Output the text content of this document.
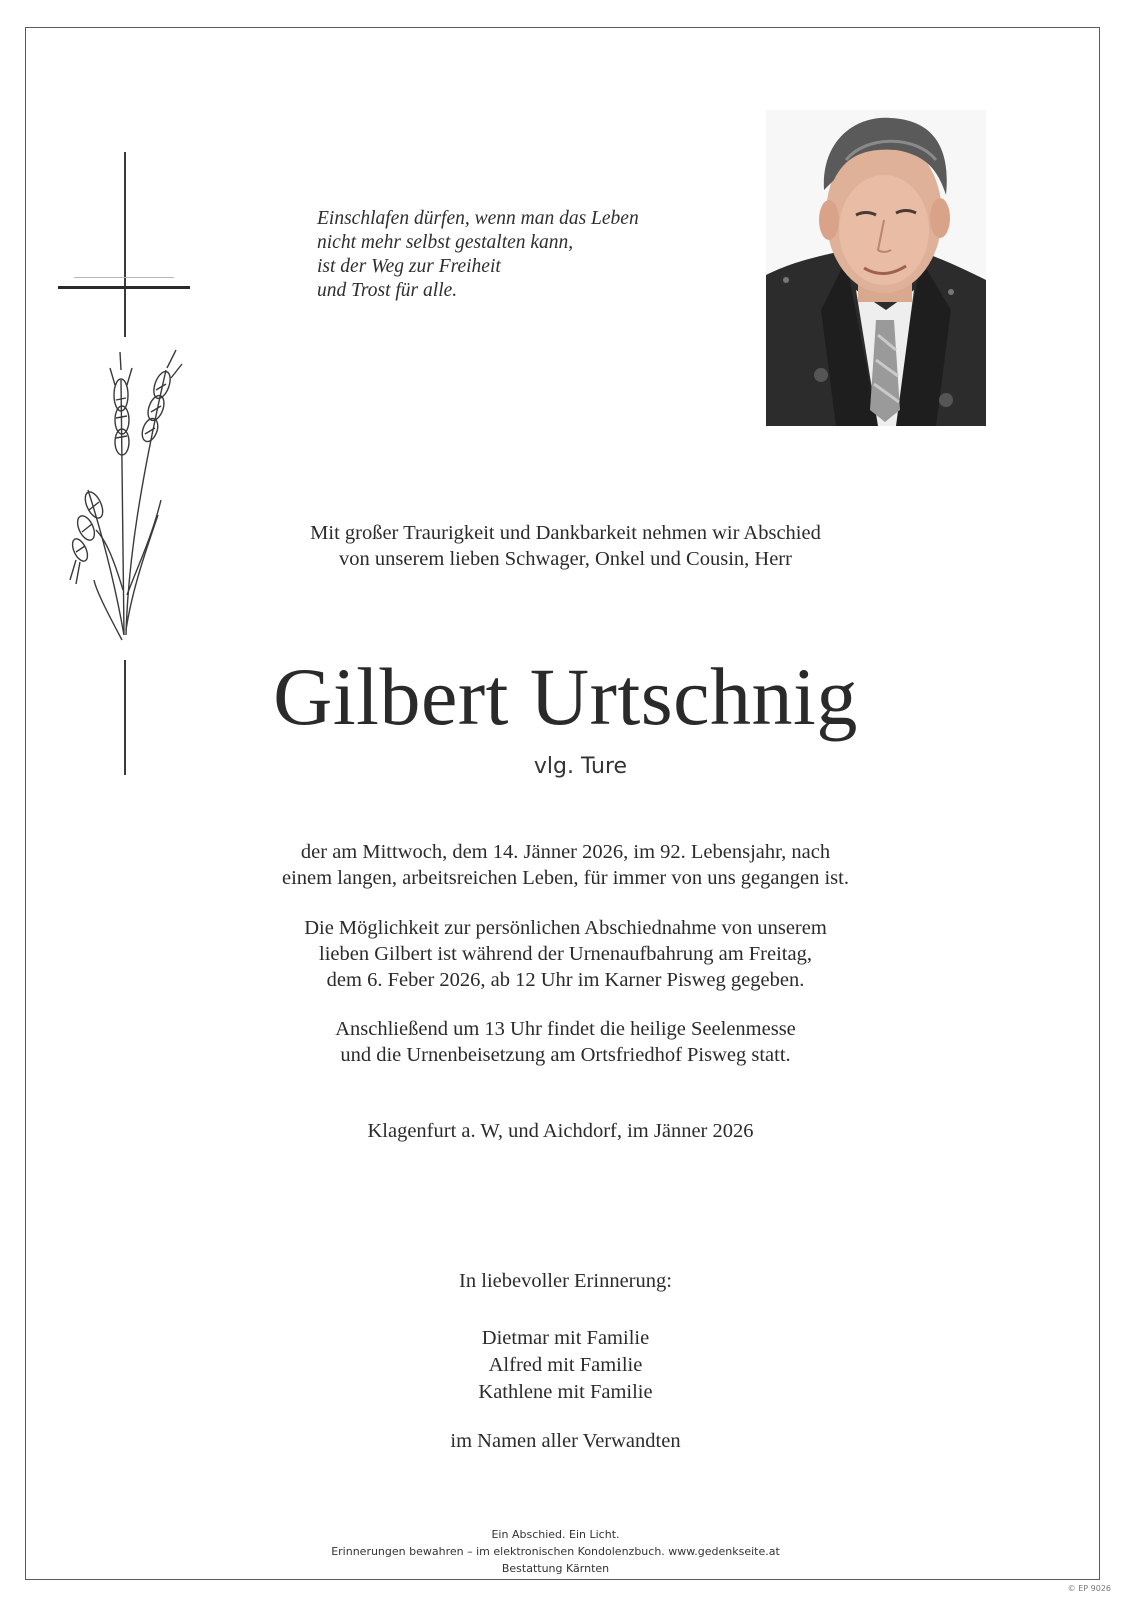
Einschlafen dürfen, wenn man das Leben
nicht mehr selbst gestalten kann,
ist der Weg zur Freiheit
und Trost für alle.
Mit großer Traurigkeit und Dankbarkeit nehmen wir Abschied
von unserem lieben Schwager, Onkel und Cousin, Herr
Gilbert Urtschnig
vlg. Ture
der am Mittwoch, dem 14. Jänner 2026, im 92. Lebensjahr, nach
einem langen, arbeitsreichen Leben, für immer von uns gegangen ist.
Die Möglichkeit zur persönlichen Abschiednahme von unserem
lieben Gilbert ist während der Urnenaufbahrung am Freitag,
dem 6. Feber 2026, ab 12 Uhr im Karner Pisweg gegeben.
Anschließend um 13 Uhr findet die heilige Seelenmesse
und die Urnenbeisetzung am Ortsfriedhof Pisweg statt.
Klagenfurt a. W, und Aichdorf, im Jänner 2026
In liebevoller Erinnerung:
Dietmar mit Familie
Alfred mit Familie
Kathlene mit Familie
im Namen aller Verwandten
Ein Abschied. Ein Licht.
Erinnerungen bewahren – im elektronischen Kondolenzbuch. www.gedenkseite.at
Bestattung Kärnten
© EP 9026
